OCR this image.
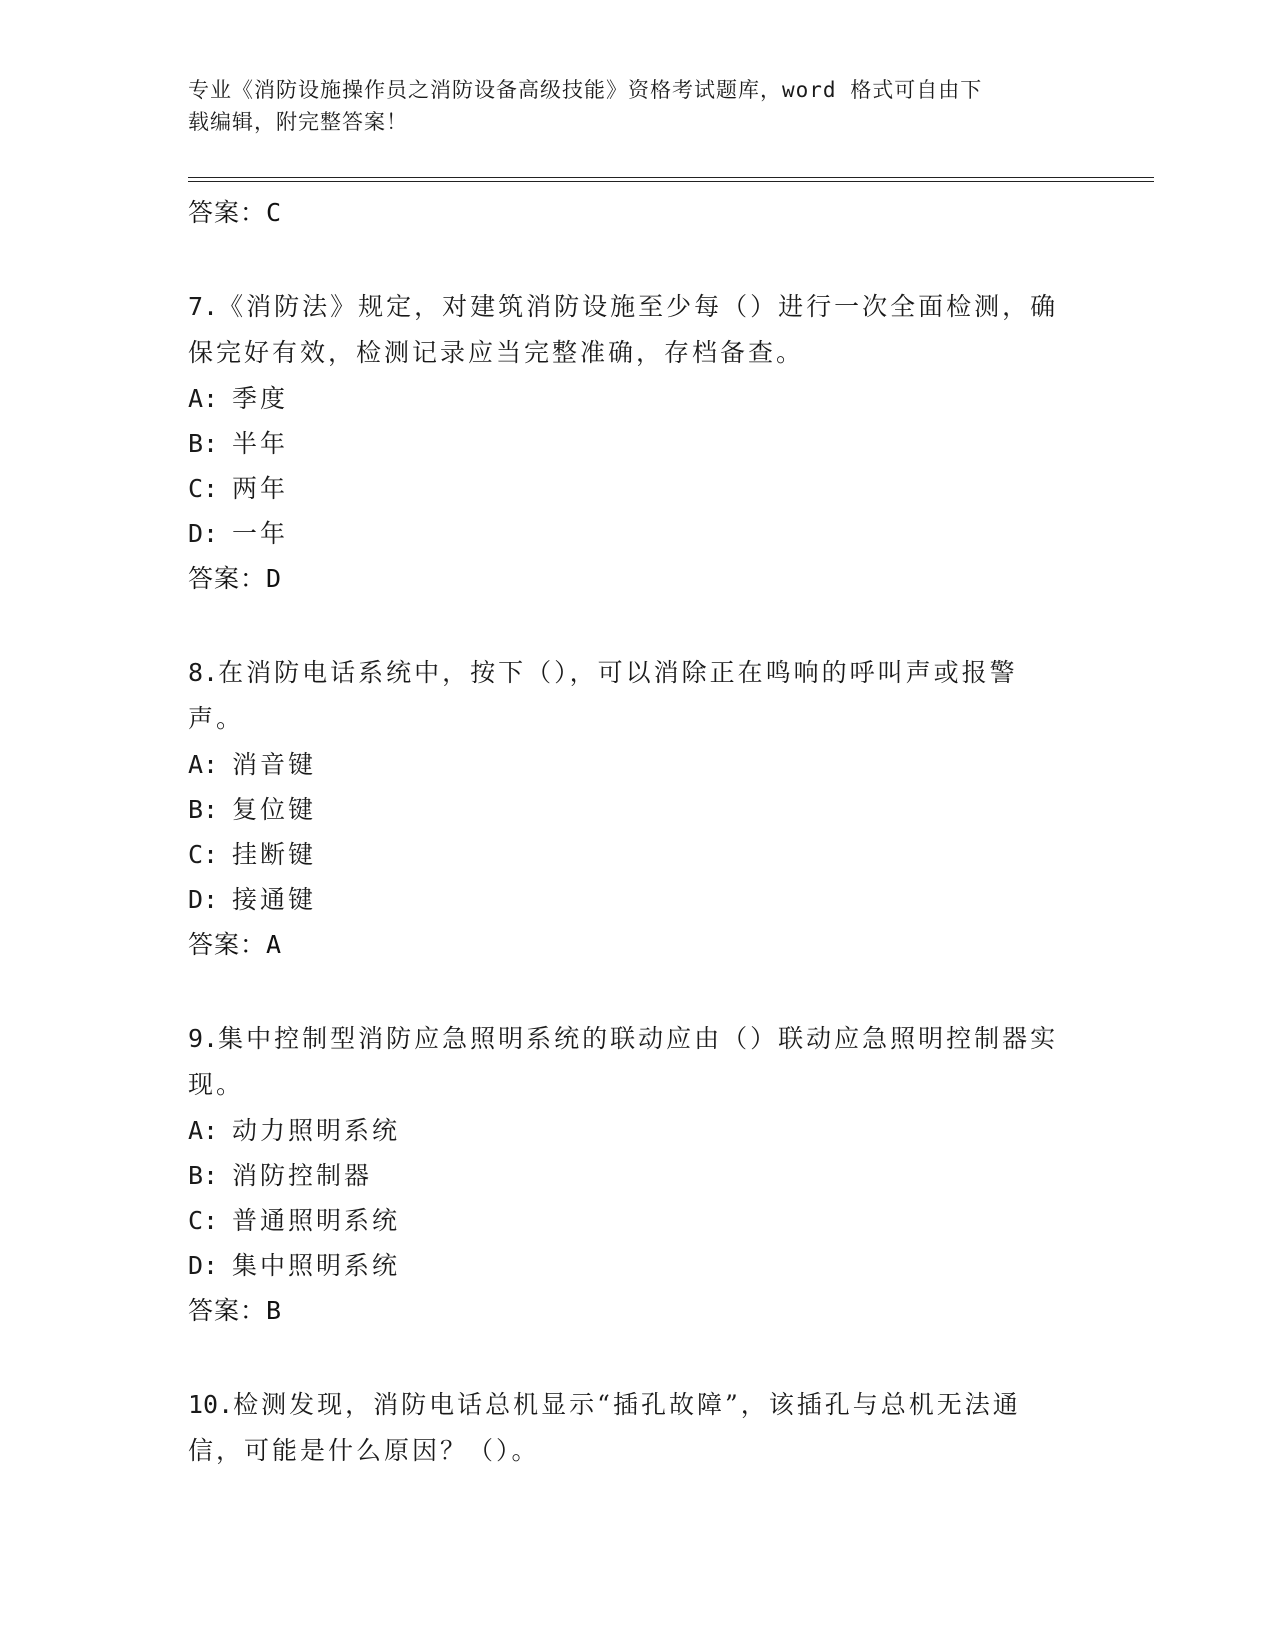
专业《消防设施操作员之消防设备高级技能》资格考试题库，word 格式可自由下
载编辑，附完整答案！
答案：C
7.《消防法》规定，对建筑消防设施至少每（）进行一次全面检测，确保完好有效，检测记录应当完整准确，存档备查。
A: 季度
B: 半年
C: 两年
D: 一年
答案：D
8.在消防电话系统中，按下（），可以消除正在鸣响的呼叫声或报警声。
A: 消音键
B: 复位键
C: 挂断键
D: 接通键
答案：A
9.集中控制型消防应急照明系统的联动应由（）联动应急照明控制器实现。
A: 动力照明系统
B: 消防控制器
C: 普通照明系统
D: 集中照明系统
答案：B
10.检测发现，消防电话总机显示“插孔故障”，该插孔与总机无法通信，可能是什么原因？（）。
